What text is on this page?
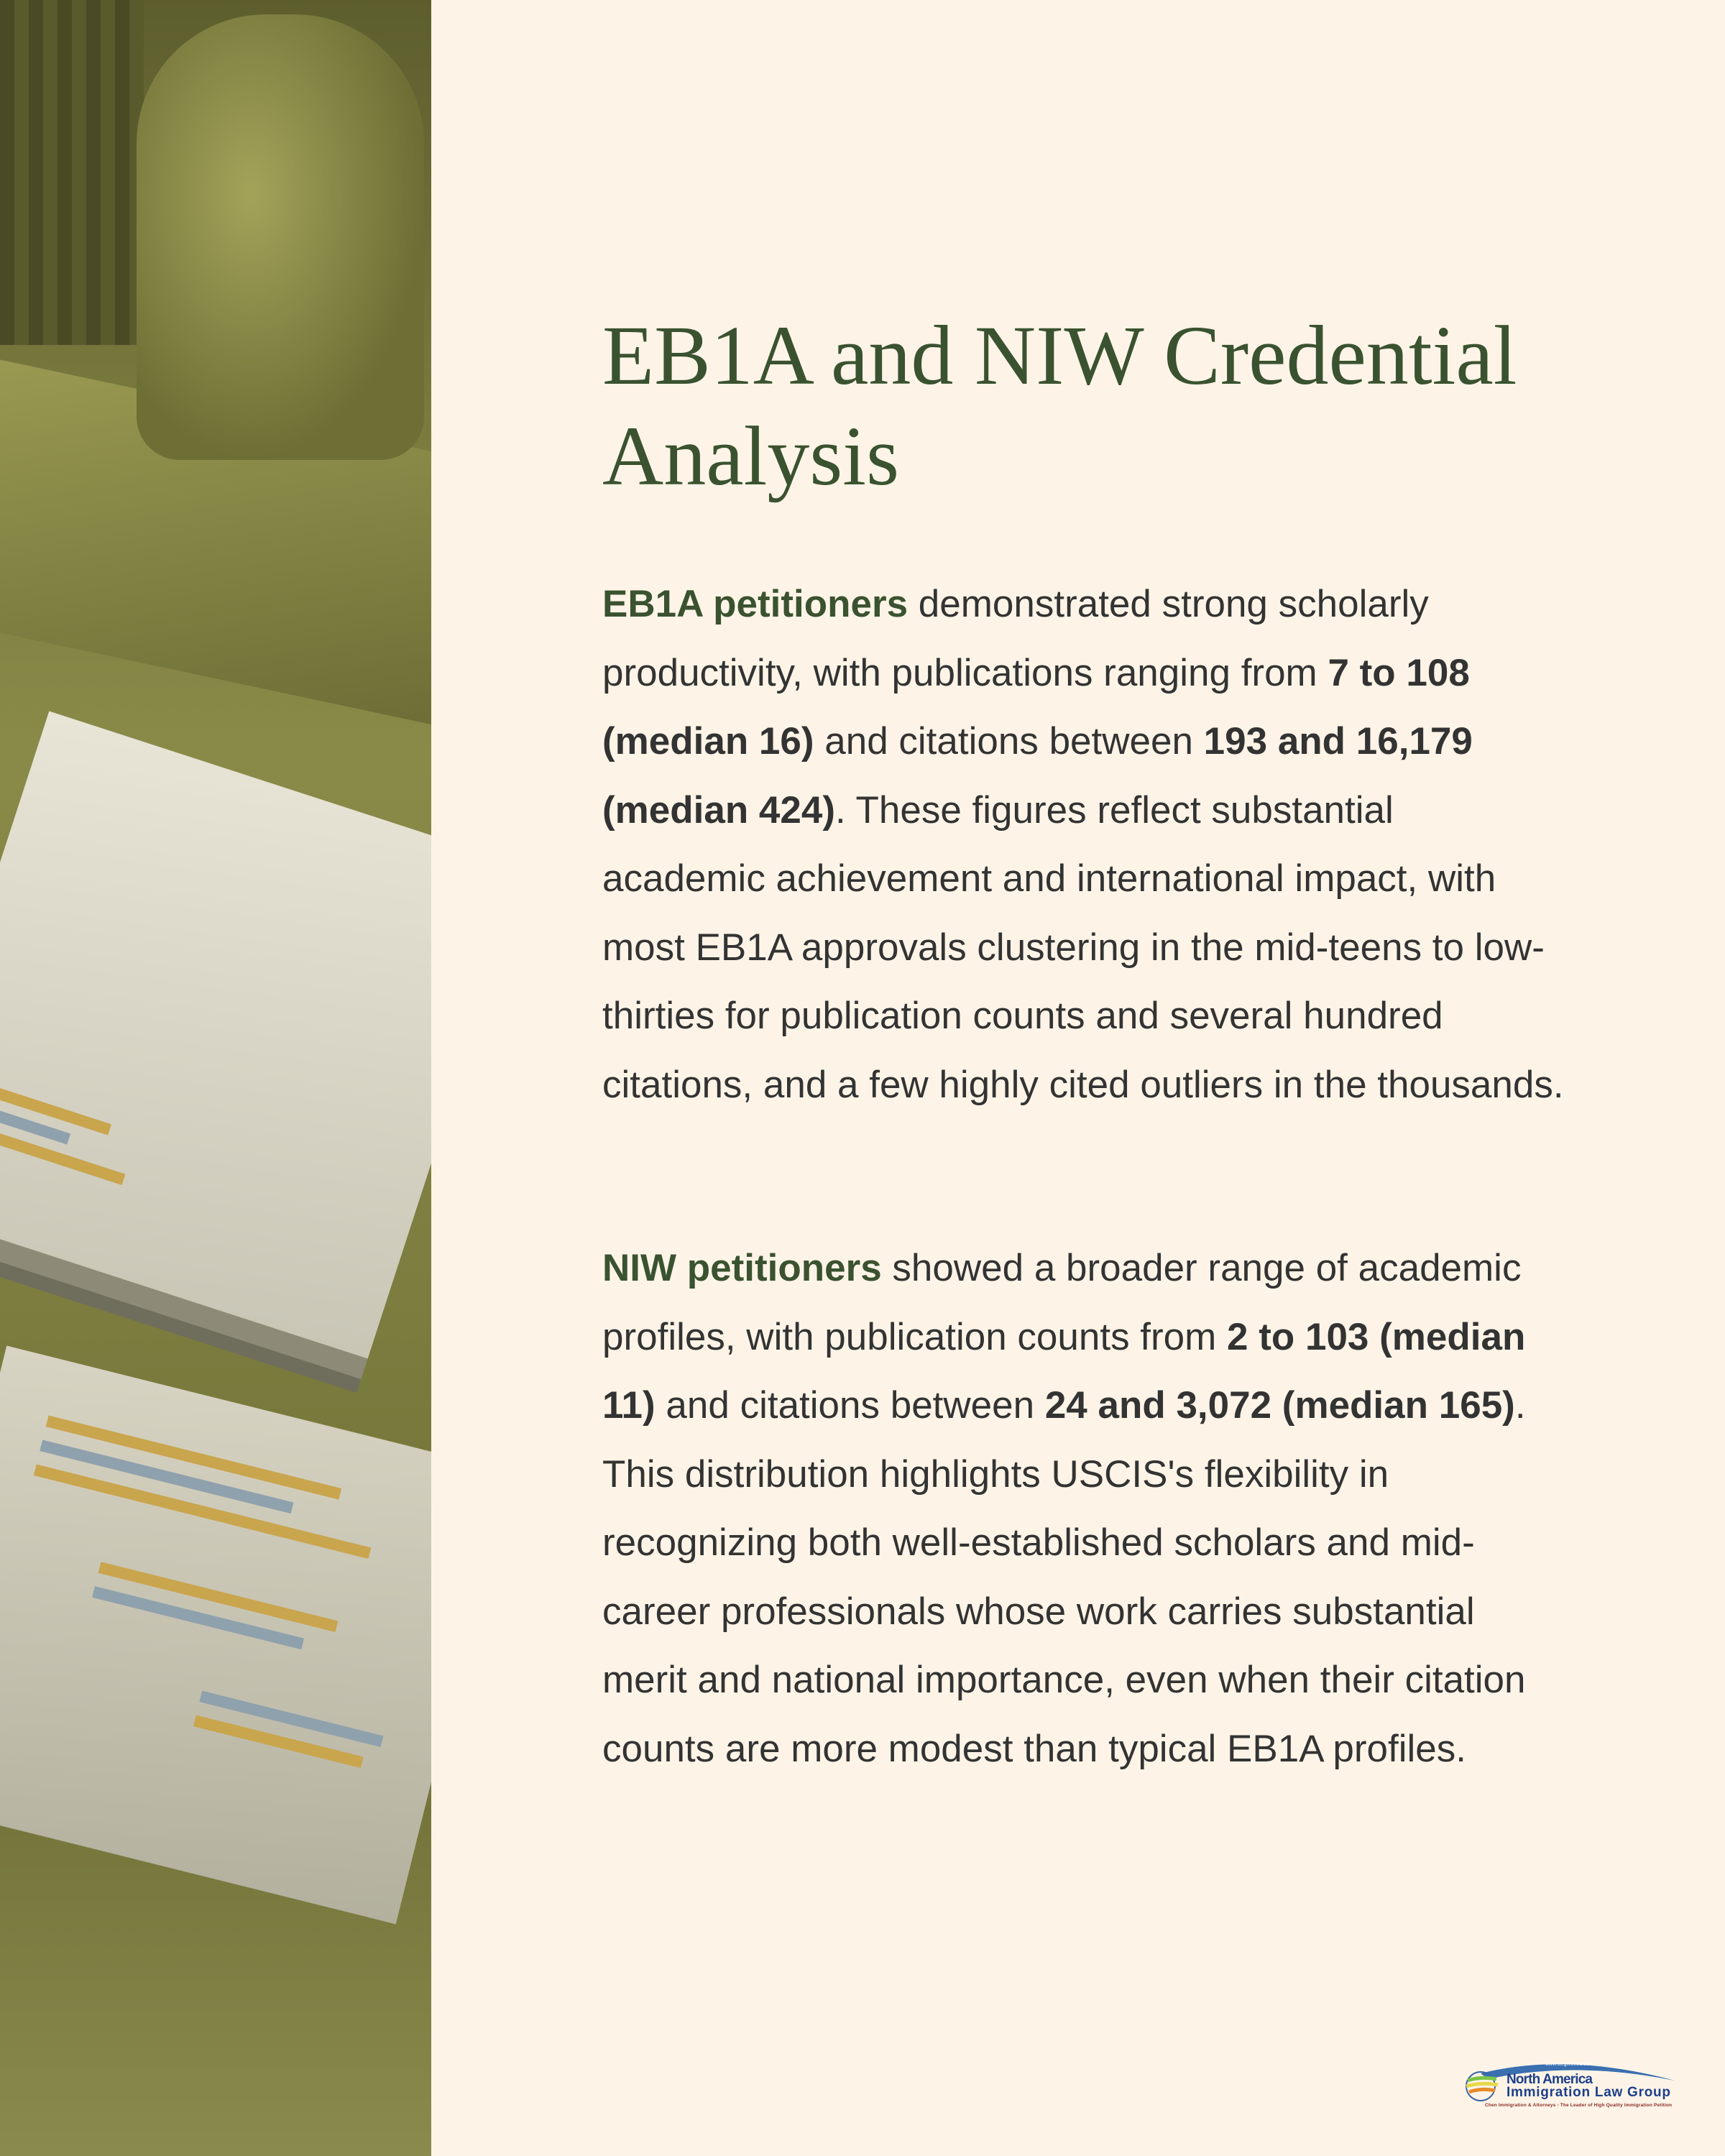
EB1A and NIW Credential Analysis

EB1A petitioners demonstrated strong scholarly productivity, with publications ranging from 7 to 108 (median 16) and citations between 193 and 16,179 (median 424). These figures reflect substantial academic achievement and international impact, with most EB1A approvals clustering in the mid-teens to low-thirties for publication counts and several hundred citations, and a few highly cited outliers in the thousands.

NIW petitioners showed a broader range of academic profiles, with publication counts from 2 to 103 (median 11) and citations between 24 and 3,072 (median 165). This distribution highlights USCIS's flexibility in recognizing both well-established scholars and mid-career professionals whose work carries substantial merit and national importance, even when their citation counts are more modest than typical EB1A profiles.

www.wegreened.com
North America
Immigration Law Group
Chen Immigration & Attorneys - The Leader of High Quality Immigration Petition
